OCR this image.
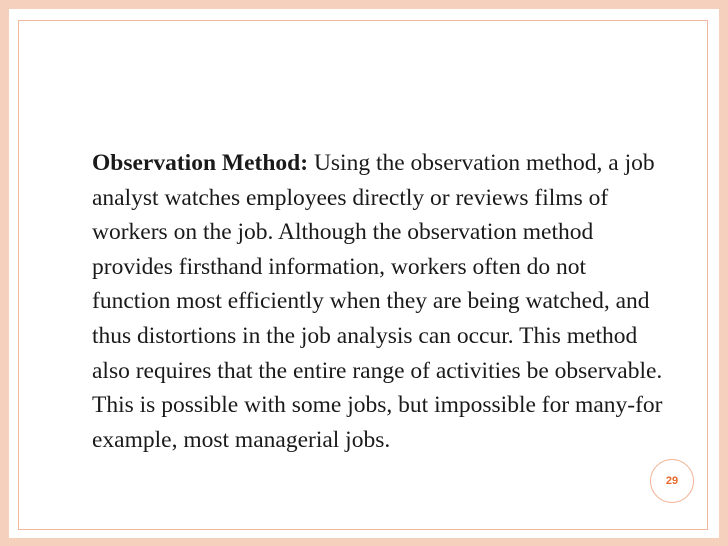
Observation Method: Using the observation method, a job analyst watches employees directly or reviews films of workers on the job. Although the observation method provides firsthand information, workers often do not function most efficiently when they are being watched, and thus distortions in the job analysis can occur. This method also requires that the entire range of activities be observable. This is possible with some jobs, but impossible for many-for example, most managerial jobs.

29
